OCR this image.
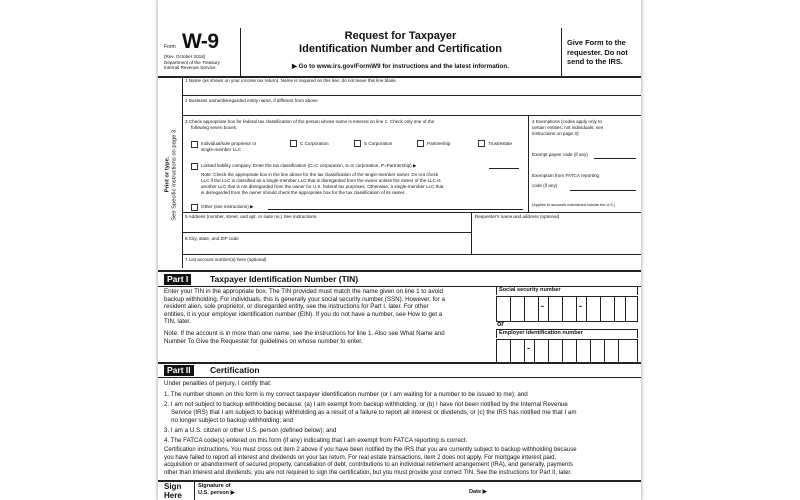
Form W-9
(Rev. October 2018)
Department of the Treasury
Internal Revenue Service
Request for Taxpayer
Identification Number and Certification
▶ Go to www.irs.gov/FormW9 for instructions and the latest information.
Give Form to the requester. Do not send to the IRS.
Print or type. See Specific Instructions on page 3.
1 Name (as shown on your income tax return). Name is required on this line; do not leave this line blank.
2 Business name/disregarded entity name, if different from above
3 Check appropriate box for federal tax classification of the person whose name is entered on line 1. Check only one of the
following seven boxes.
Individual/sole proprietor or
single-member LLC
C Corporation	S Corporation	Partnership	Trust/estate
Limited liability company. Enter the tax classification (C=C corporation, S=S corporation, P=Partnership) ▶
Note: Check the appropriate box in the line above for the tax classification of the single-member owner. Do not check
LLC if the LLC is classified as a single-member LLC that is disregarded from the owner unless the owner of the LLC is
another LLC that is not disregarded from the owner for U.S. federal tax purposes. Otherwise, a single-member LLC that
is disregarded from the owner should check the appropriate box for the tax classification of its owner.
Other (see instructions) ▶
4 Exemptions (codes apply only to
certain entities, not individuals; see
instructions on page 3):
Exempt payee code (if any)
Exemption from FATCA reporting
code (if any)
(Applies to accounts maintained outside the U.S.)
5 Address (number, street, and apt. or suite no.) See instructions.	Requester's name and address (optional)
6 City, state, and ZIP code
7 List account number(s) here (optional)
Part I	Taxpayer Identification Number (TIN)
Enter your TIN in the appropriate box. The TIN provided must match the name given on line 1 to avoid
backup withholding. For individuals, this is generally your social security number (SSN). However, for a
resident alien, sole proprietor, or disregarded entity, see the instructions for Part I, later. For other
entities, it is your employer identification number (EIN). If you do not have a number, see How to get a
TIN, later.
Note: If the account is in more than one name, see the instructions for line 1. Also see What Name and
Number To Give the Requester for guidelines on whose number to enter.
Social security number
-	-
or
Employer identification number
-
Part II	Certification
Under penalties of perjury, I certify that:
1. The number shown on this form is my correct taxpayer identification number (or I am waiting for a number to be issued to me); and
2. I am not subject to backup withholding because: (a) I am exempt from backup withholding, or (b) I have not been notified by the Internal Revenue
Service (IRS) that I am subject to backup withholding as a result of a failure to report all interest or dividends, or (c) the IRS has notified me that I am
no longer subject to backup withholding; and
3. I am a U.S. citizen or other U.S. person (defined below); and
4. The FATCA code(s) entered on this form (if any) indicating that I am exempt from FATCA reporting is correct.
Certification instructions. You must cross out item 2 above if you have been notified by the IRS that you are currently subject to backup withholding because
you have failed to report all interest and dividends on your tax return. For real estate transactions, item 2 does not apply. For mortgage interest paid,
acquisition or abandonment of secured property, cancellation of debt, contributions to an individual retirement arrangement (IRA), and generally, payments
other than interest and dividends, you are not required to sign the certification, but you must provide your correct TIN. See the instructions for Part II, later.
Sign Here
Signature of
U.S. person ▶	Date ▶
